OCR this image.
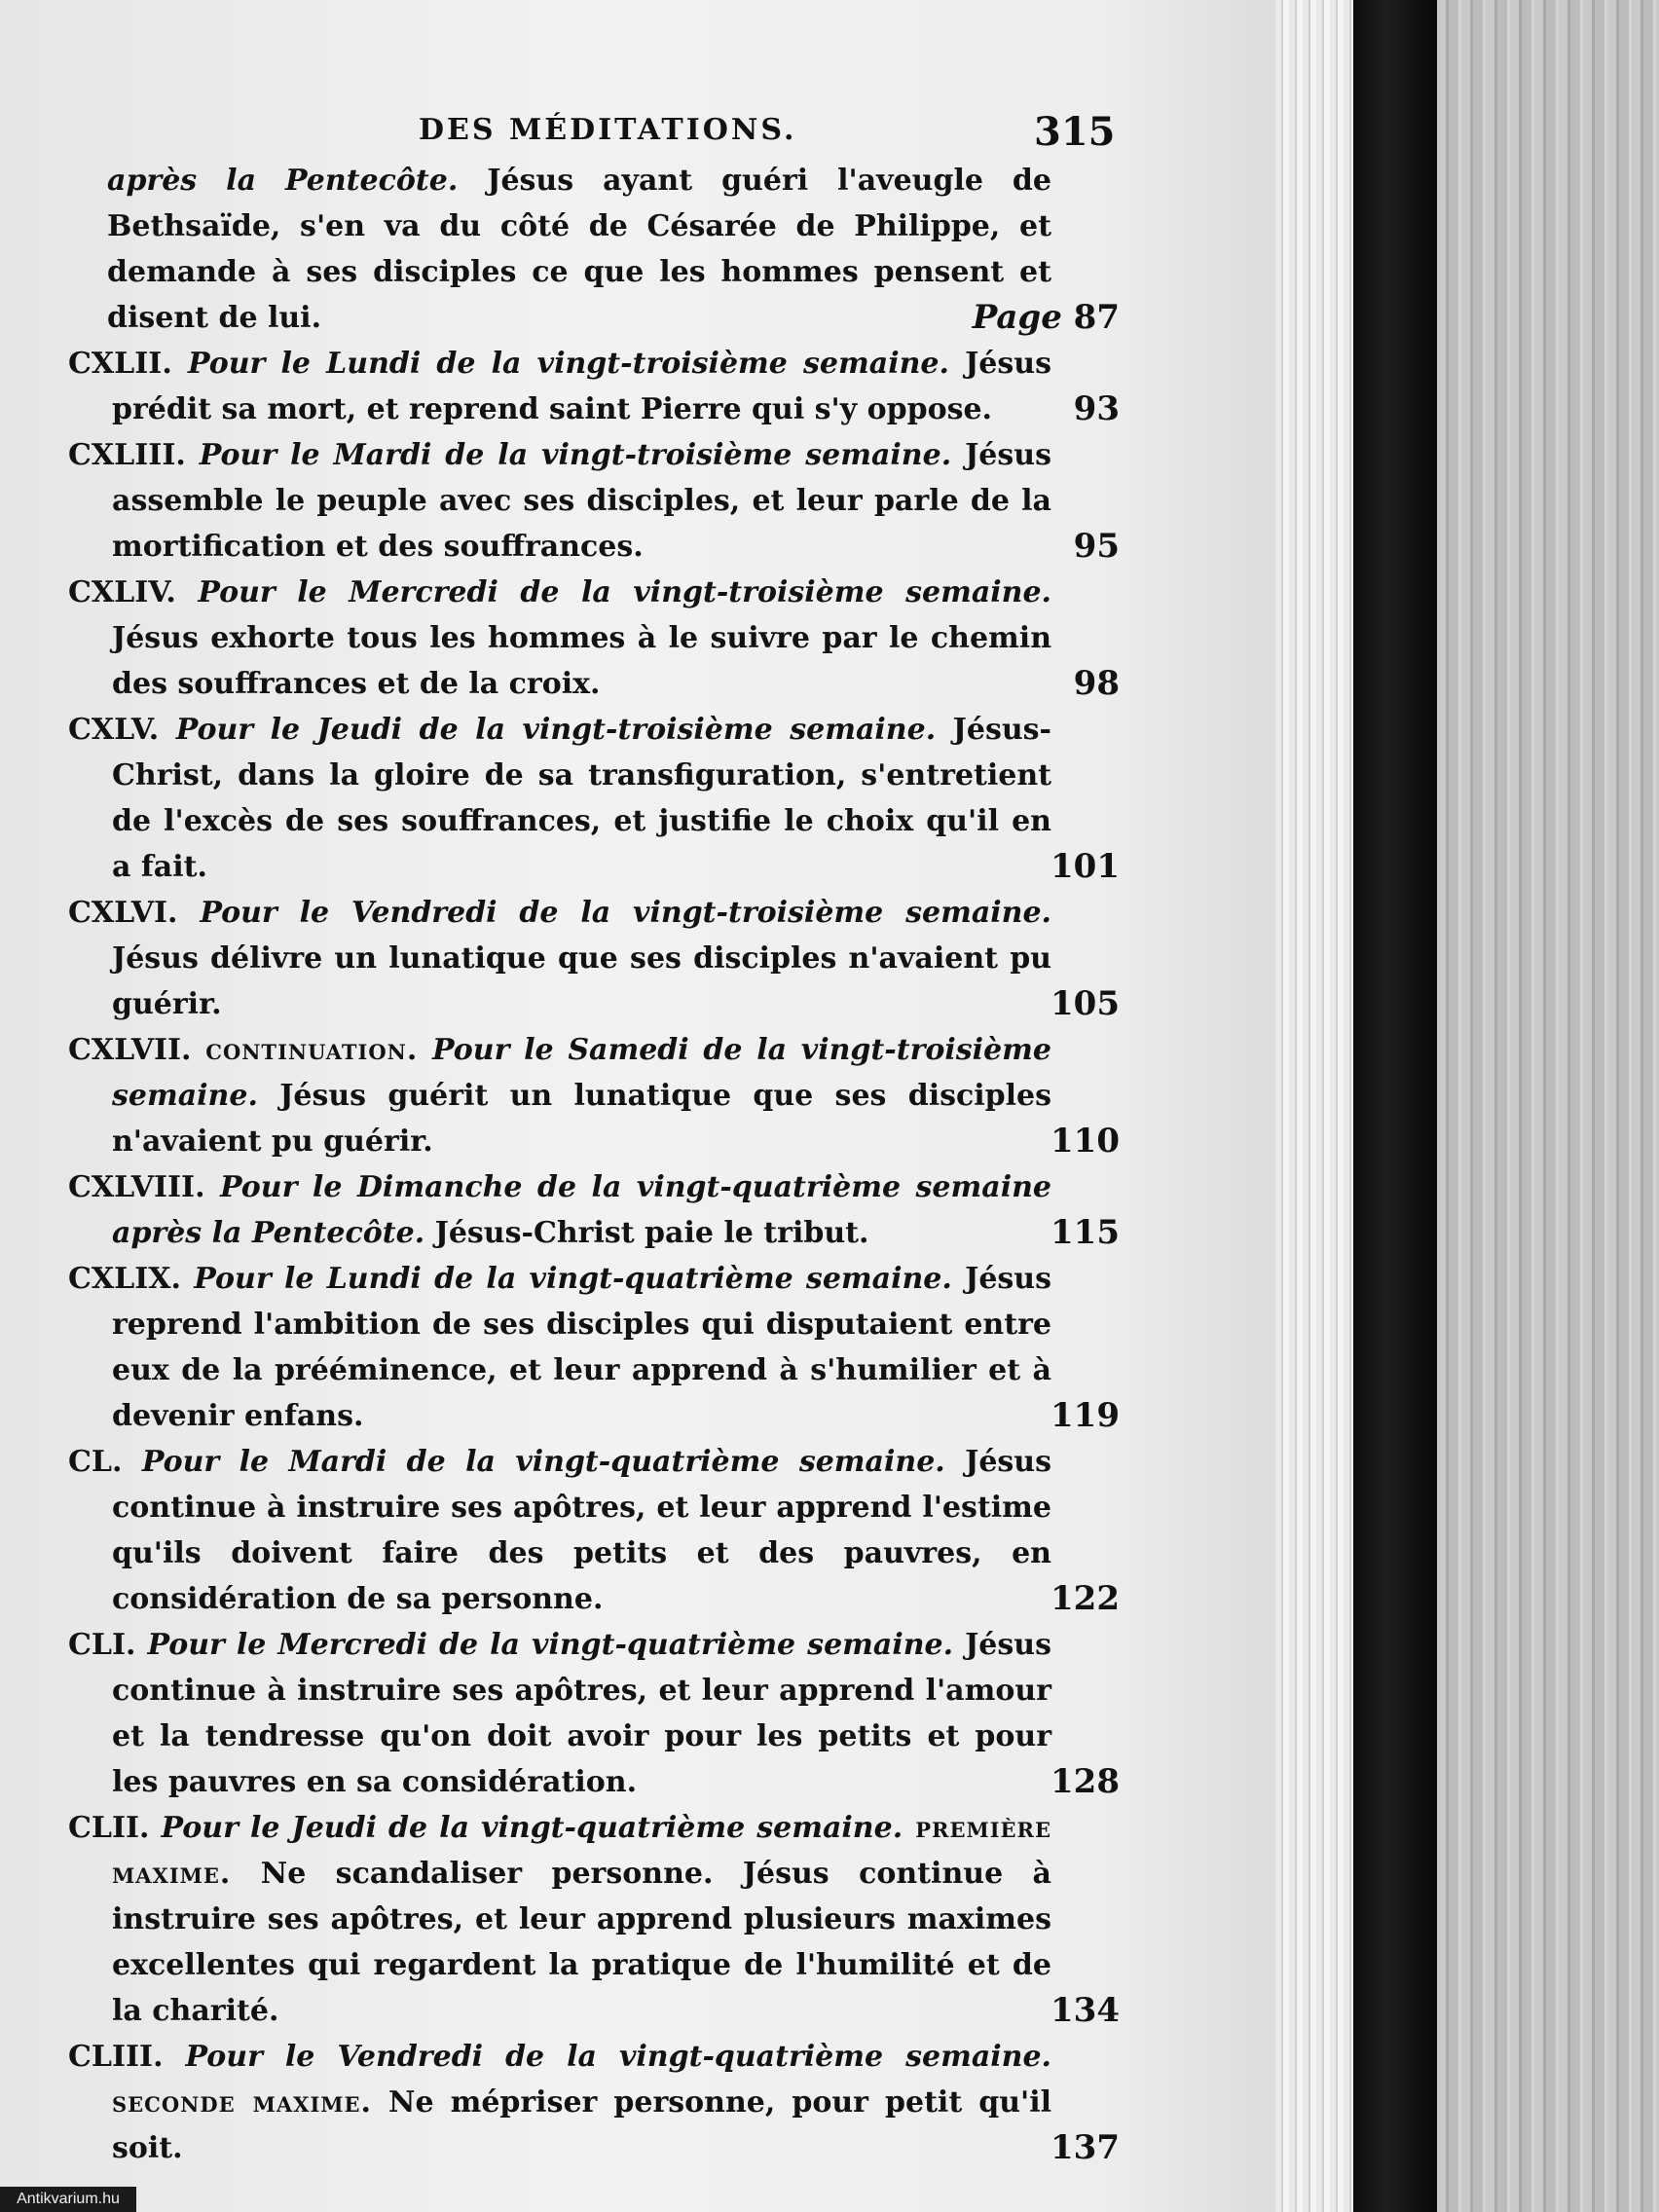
DES MÉDITATIONS.	315
après la Pentecôte. Jésus ayant guéri l'aveugle de Bethsaïde, s'en va du côté de Césarée de Philippe, et demande à ses disciples ce que les hommes pensent et disent de lui.	Page 87
CXLII. Pour le Lundi de la vingt-troisième semaine. Jésus prédit sa mort, et reprend saint Pierre qui s'y oppose. 93
CXLIII. Pour le Mardi de la vingt-troisième semaine. Jésus assemble le peuple avec ses disciples, et leur parle de la mortification et des souffrances.	95
CXLIV. Pour le Mercredi de la vingt-troisième semaine. Jésus exhorte tous les hommes à le suivre par le chemin des souffrances et de la croix.	98
CXLV. Pour le Jeudi de la vingt-troisième semaine. Jésus-Christ, dans la gloire de sa transfiguration, s'entretient de l'excès de ses souffrances, et justifie le choix qu'il en a fait.	101
CXLVI. Pour le Vendredi de la vingt-troisième semaine. Jésus délivre un lunatique que ses disciples n'avaient pu guérir.	105
CXLVII. continuation. Pour le Samedi de la vingt-troisième semaine. Jésus guérit un lunatique que ses disciples n'avaient pu guérir.	110
CXLVIII. Pour le Dimanche de la vingt-quatrième semaine après la Pentecôte. Jésus-Christ paie le tribut.	115
CXLIX. Pour le Lundi de la vingt-quatrième semaine. Jésus reprend l'ambition de ses disciples qui disputaient entre eux de la prééminence, et leur apprend à s'humilier et à devenir enfans.	119
CL. Pour le Mardi de la vingt-quatrième semaine. Jésus continue à instruire ses apôtres, et leur apprend l'estime qu'ils doivent faire des petits et des pauvres, en considération de sa personne.	122
CLI. Pour le Mercredi de la vingt-quatrième semaine. Jésus continue à instruire ses apôtres, et leur apprend l'amour et la tendresse qu'on doit avoir pour les petits et pour les pauvres en sa considération.	128
CLII. Pour le Jeudi de la vingt-quatrième semaine. première maxime. Ne scandaliser personne. Jésus continue à instruire ses apôtres, et leur apprend plusieurs maximes excellentes qui regardent la pratique de l'humilité et de la charité.	134
CLIII. Pour le Vendredi de la vingt-quatrième semaine. seconde maxime. Ne mépriser personne, pour petit qu'il soit.	137
Antikvarium.hu
